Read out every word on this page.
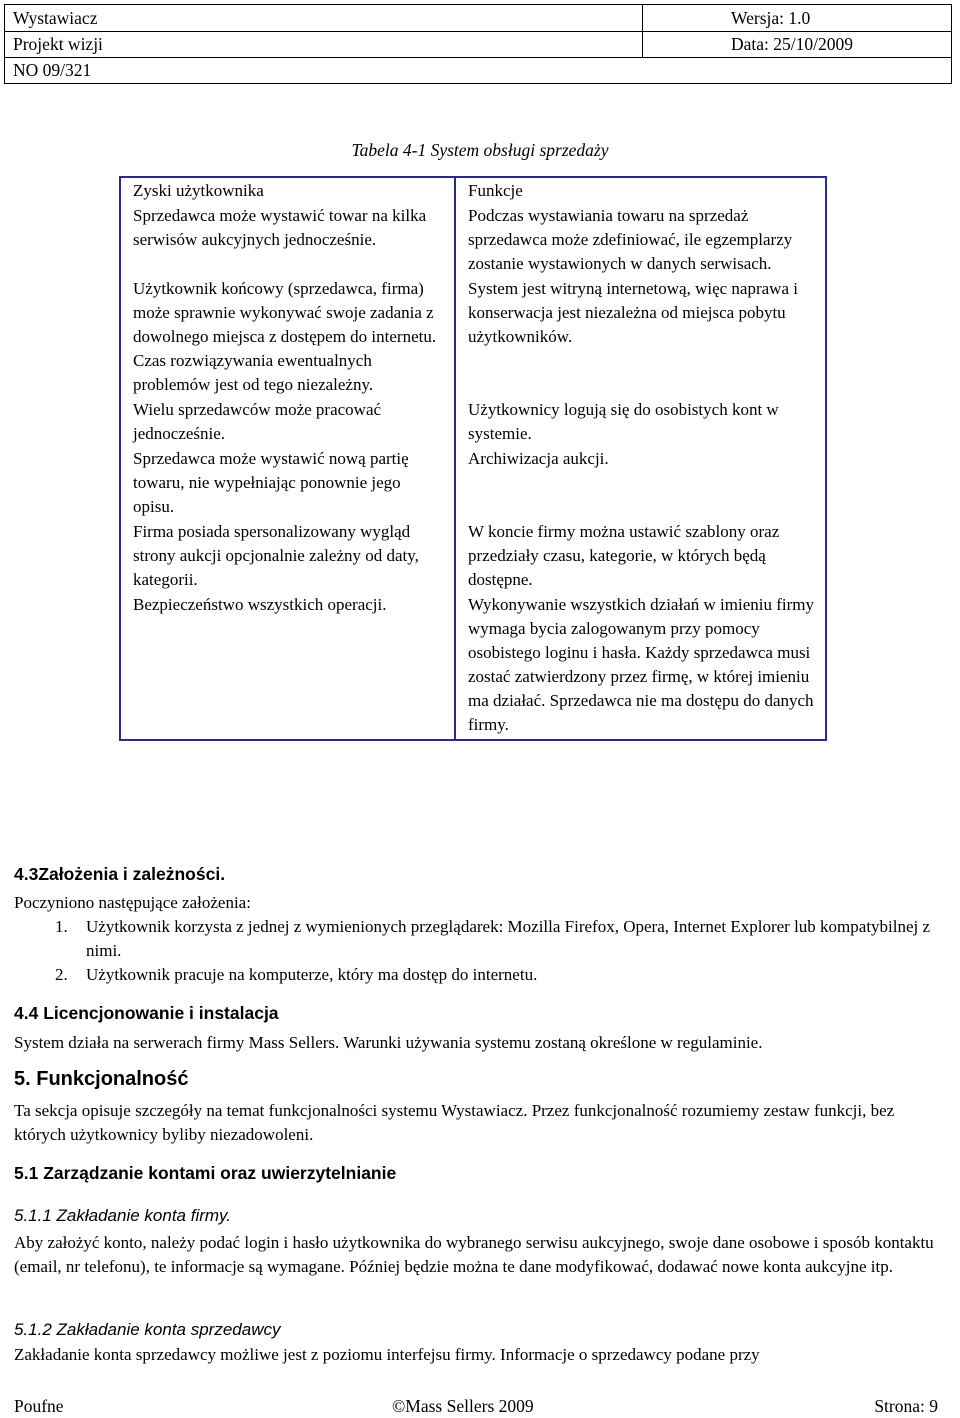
Wystawiacz	Wersja: 1.0
Projekt wizji	Data: 25/10/2009
NO 09/321
Tabela 4-1 System obsługi sprzedaży
Zyski użytkownika	Funkcje
Sprzedawca może wystawić towar na kilka serwisów aukcyjnych jednocześnie.	Podczas wystawiania towaru na sprzedaż sprzedawca może zdefiniować, ile egzemplarzy zostanie wystawionych w danych serwisach.
Użytkownik końcowy (sprzedawca, firma) może sprawnie wykonywać swoje zadania z dowolnego miejsca z dostępem do internetu. Czas rozwiązywania ewentualnych problemów jest od tego niezależny.	System jest witryną internetową, więc naprawa i konserwacja jest niezależna od miejsca pobytu użytkowników.
Wielu sprzedawców może pracować jednocześnie.	Użytkownicy logują się do osobistych kont w systemie.
Sprzedawca może wystawić nową partię towaru, nie wypełniając ponownie jego opisu.	Archiwizacja aukcji.
Firma posiada spersonalizowany wygląd strony aukcji opcjonalnie zależny od daty, kategorii.	W koncie firmy można ustawić szablony oraz przedziały czasu, kategorie, w których będą dostępne.
Bezpieczeństwo wszystkich operacji.	Wykonywanie wszystkich działań w imieniu firmy wymaga bycia zalogowanym przy pomocy osobistego loginu i hasła. Każdy sprzedawca musi zostać zatwierdzony przez firmę, w której imieniu ma działać. Sprzedawca nie ma dostępu do danych firmy.
4.3Założenia i zależności.
Poczyniono następujące założenia:
1. Użytkownik korzysta z jednej z wymienionych przeglądarek: Mozilla Firefox, Opera, Internet Explorer lub kompatybilnej z nimi.
2. Użytkownik pracuje na komputerze, który ma dostęp do internetu.
4.4 Licencjonowanie i instalacja
System działa na serwerach firmy Mass Sellers. Warunki używania systemu zostaną określone w regulaminie.
5. Funkcjonalność
Ta sekcja opisuje szczegóły na temat funkcjonalności systemu Wystawiacz. Przez funkcjonalność rozumiemy zestaw funkcji, bez których użytkownicy byliby niezadowoleni.
5.1 Zarządzanie kontami oraz uwierzytelnianie
5.1.1 Zakładanie konta firmy.
Aby założyć konto, należy podać login i hasło użytkownika do wybranego serwisu aukcyjnego, swoje dane osobowe i sposób kontaktu (email, nr telefonu), te informacje są wymagane. Później będzie można te dane modyfikować, dodawać nowe konta aukcyjne itp.
5.1.2 Zakładanie konta sprzedawcy
Zakładanie konta sprzedawcy możliwe jest z poziomu interfejsu firmy. Informacje o sprzedawcy podane przy
Poufne	©Mass Sellers 2009	Strona: 9
